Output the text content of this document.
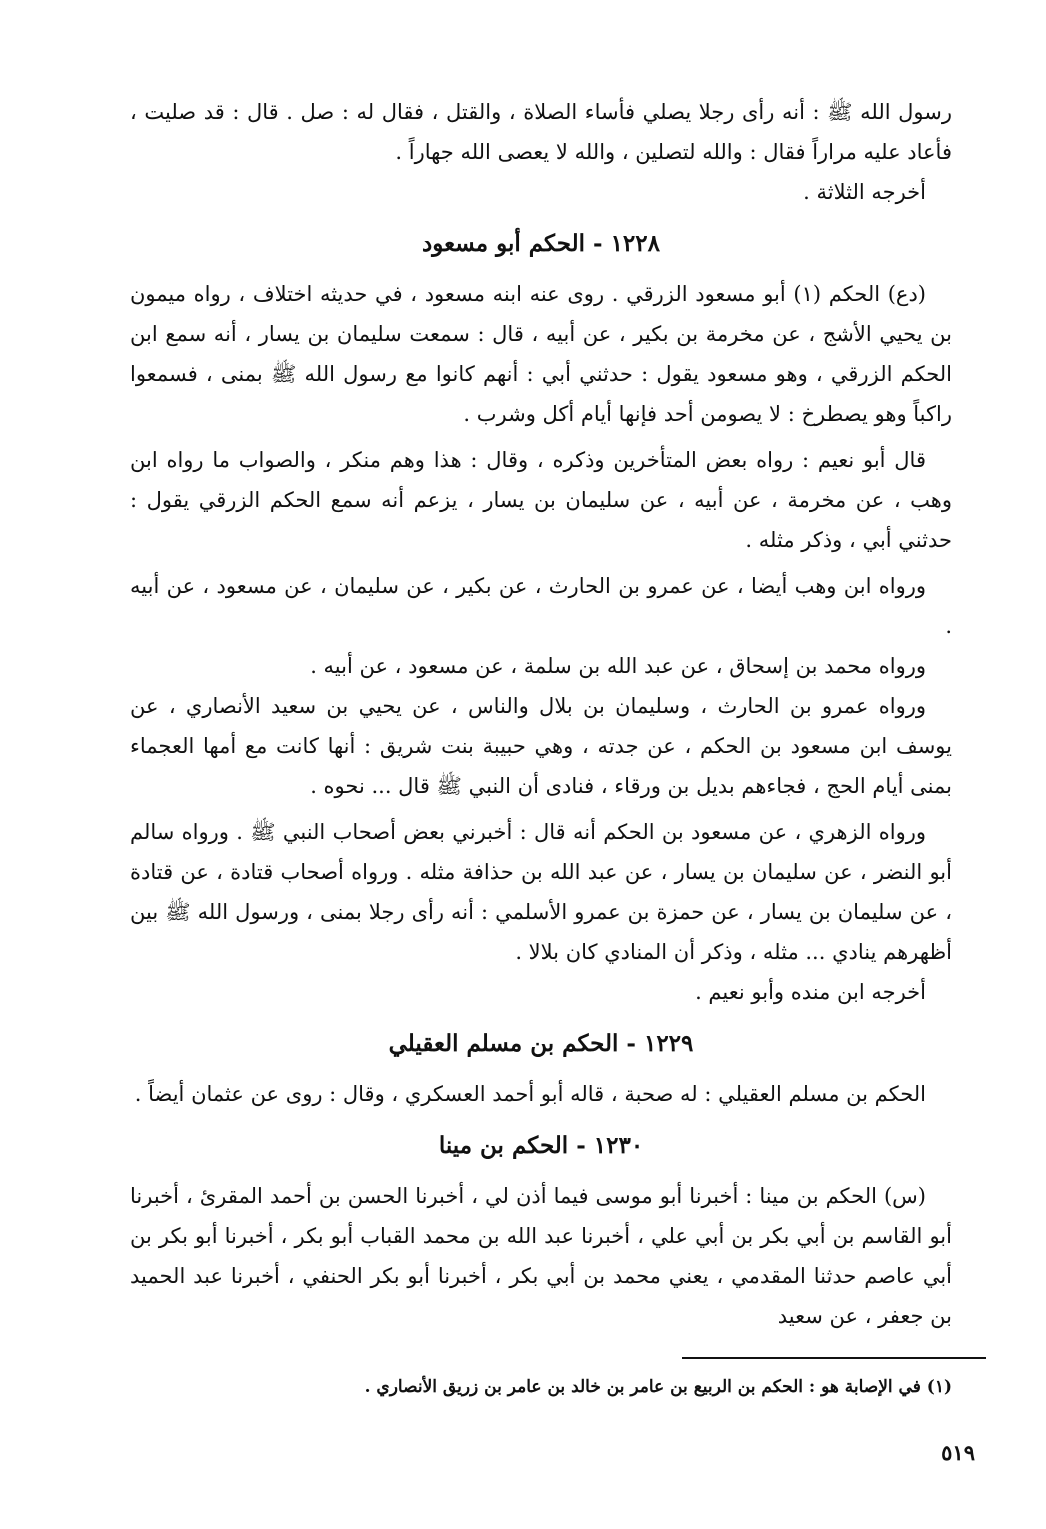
رسول الله ﷺ : أنه رأى رجلا يصلي فأساء الصلاة ، والقتل ، فقال له : صل . قال : قد صليت ، فأعاد عليه مراراً فقال : والله لتصلين ، والله لا يعصى الله جهاراً .

أخرجه الثلاثة .

١٢٢٨ - الحكم أبو مسعود

(دع) الحكم (١) أبو مسعود الزرقي . روى عنه ابنه مسعود ، في حديثه اختلاف ، رواه ميمون بن يحيي الأشج ، عن مخرمة بن بكير ، عن أبيه ، قال : سمعت سليمان بن يسار ، أنه سمع ابن الحكم الزرقي ، وهو مسعود يقول : حدثني أبي : أنهم كانوا مع رسول الله ﷺ بمنى ، فسمعوا راكباً وهو يصطرخ : لا يصومن أحد فإنها أيام أكل وشرب .

قال أبو نعيم : رواه بعض المتأخرين وذكره ، وقال : هذا وهم منكر ، والصواب ما رواه ابن وهب ، عن مخرمة ، عن أبيه ، عن سليمان بن يسار ، يزعم أنه سمع الحكم الزرقي يقول : حدثني أبي ، وذكر مثله .

ورواه ابن وهب أيضا ، عن عمرو بن الحارث ، عن بكير ، عن سليمان ، عن مسعود ، عن أبيه .

ورواه محمد بن إسحاق ، عن عبد الله بن سلمة ، عن مسعود ، عن أبيه .

ورواه عمرو بن الحارث ، وسليمان بن بلال والناس ، عن يحيي بن سعيد الأنصاري ، عن يوسف ابن مسعود بن الحكم ، عن جدته ، وهي حبيبة بنت شريق : أنها كانت مع أمها العجماء بمنى أيام الحج ، فجاءهم بديل بن ورقاء ، فنادى أن النبي ﷺ قال ... نحوه .

ورواه الزهري ، عن مسعود بن الحكم أنه قال : أخبرني بعض أصحاب النبي ﷺ . ورواه سالم أبو النضر ، عن سليمان بن يسار ، عن عبد الله بن حذافة مثله . ورواه أصحاب قتادة ، عن قتادة ، عن سليمان بن يسار ، عن حمزة بن عمرو الأسلمي : أنه رأى رجلا بمنى ، ورسول الله ﷺ بين أظهرهم ينادي ... مثله ، وذكر أن المنادي كان بلالا .

أخرجه ابن منده وأبو نعيم .

١٢٢٩ - الحكم بن مسلم العقيلي

الحكم بن مسلم العقيلي : له صحبة ، قاله أبو أحمد العسكري ، وقال : روى عن عثمان أيضاً .

١٢٣٠ - الحكم بن مينا

(س) الحكم بن مينا : أخبرنا أبو موسى فيما أذن لي ، أخبرنا الحسن بن أحمد المقرئ ، أخبرنا أبو القاسم بن أبي بكر بن أبي علي ، أخبرنا عبد الله بن محمد القباب أبو بكر ، أخبرنا أبو بكر بن أبي عاصم حدثنا المقدمي ، يعني محمد بن أبي بكر ، أخبرنا أبو بكر الحنفي ، أخبرنا عبد الحميد بن جعفر ، عن سعيد

(١) في الإصابة هو : الحكم بن الربيع بن عامر بن خالد بن عامر بن زريق الأنصاري .
٥١٩
